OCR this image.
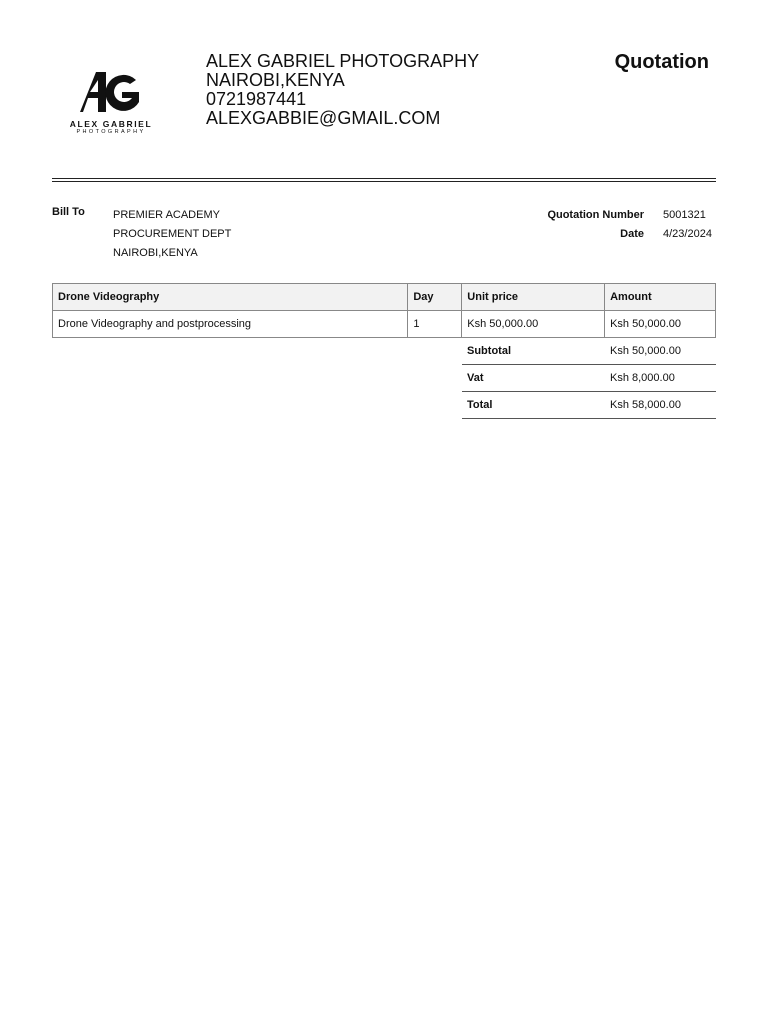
ALEX GABRIEL
PHOTOGRAPHY
ALEX GABRIEL PHOTOGRAPHY
NAIROBI,KENYA
0721987441
ALEXGABBIE@GMAIL.COM
Quotation
Bill To	PREMIER ACADEMY
PROCUREMENT DEPT
NAIROBI,KENYA
Quotation Number 5001321
Date 4/23/2024
Drone Videography	Day	Unit price	Amount
Drone Videography and postprocessing	1	Ksh 50,000.00	Ksh 50,000.00
Subtotal	Ksh 50,000.00
Vat	Ksh 8,000.00
Total	Ksh 58,000.00
